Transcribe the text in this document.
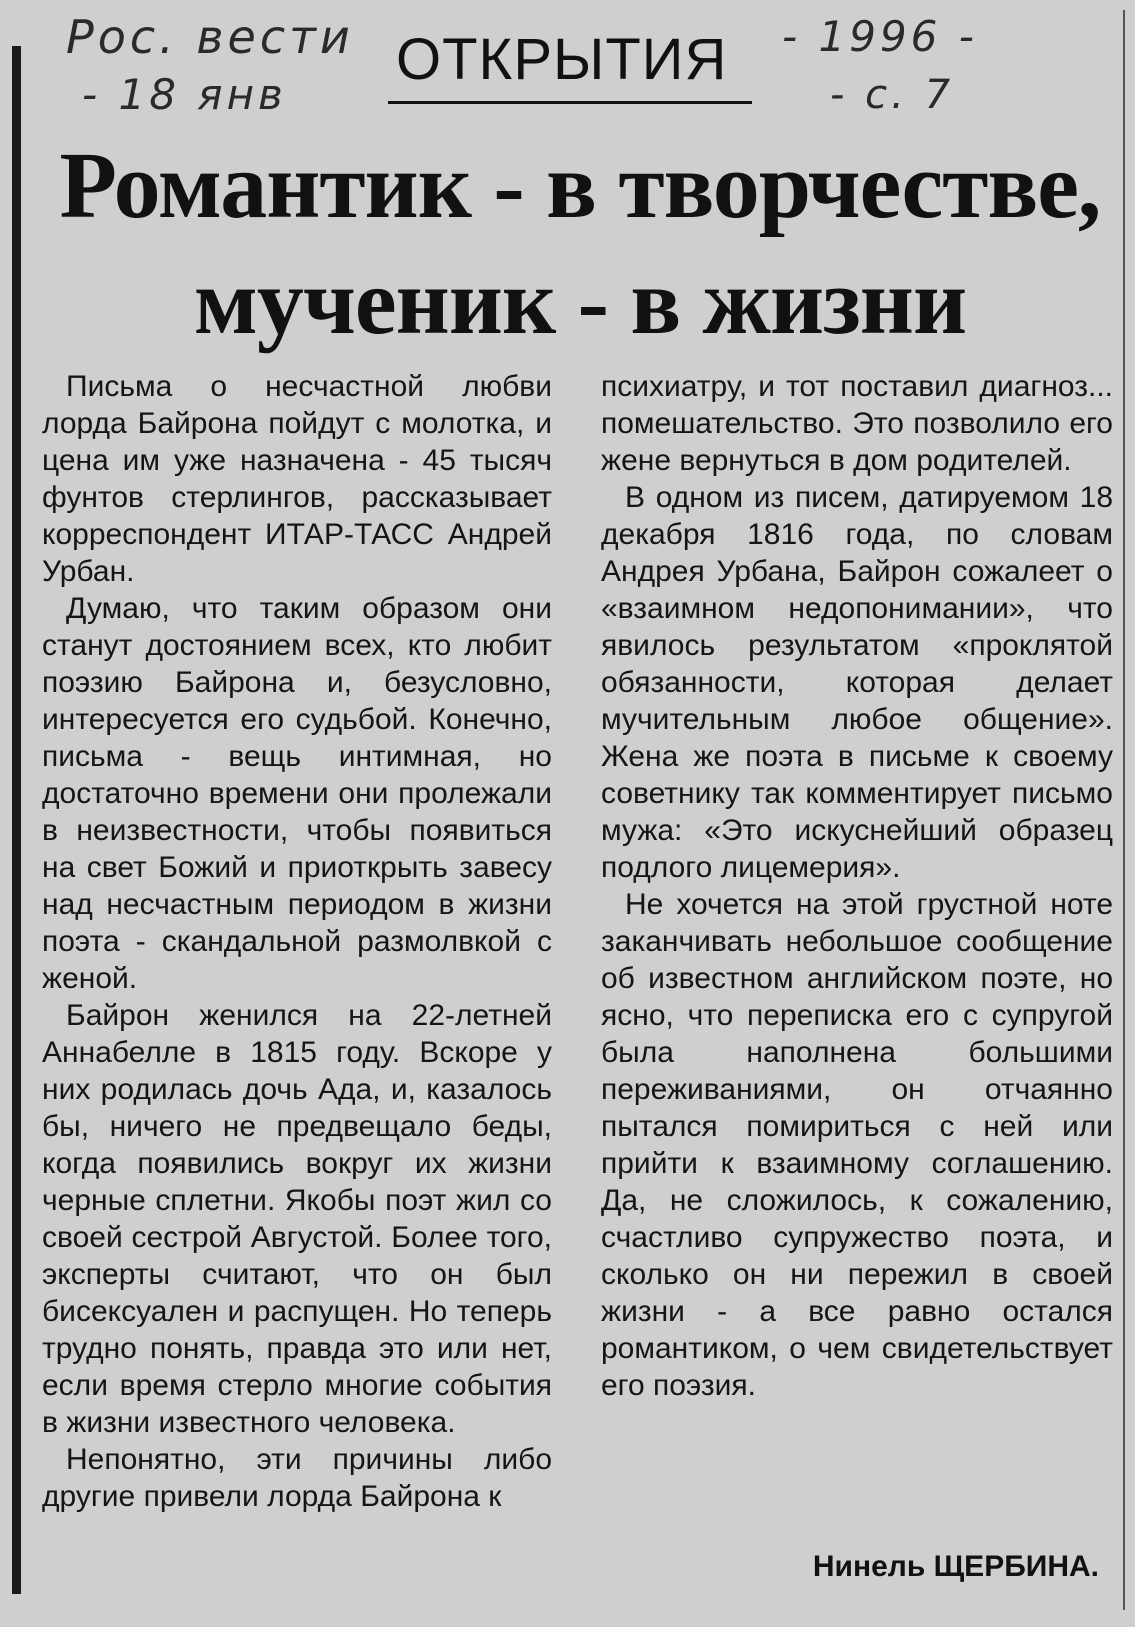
Рос. вести
- 18 янв
- 1996 -
- с. 7
ОТКРЫТИЯ
Романтик - в творчестве,
мученик - в жизни

Письма о несчастной любви лорда Байрона пойдут с молотка, и цена им уже назначена - 45 тысяч фунтов стерлингов, рассказывает корреспондент ИТАР-ТАСС Андрей Урбан.

Думаю, что таким образом они станут достоянием всех, кто любит поэзию Байрона и, безусловно, интересуется его судьбой. Конечно, письма - вещь интимная, но достаточно времени они пролежали в неизвестности, чтобы появиться на свет Божий и приоткрыть завесу над несчастным периодом в жизни поэта - скандальной размолвкой с женой.

Байрон женился на 22-летней Аннабелле в 1815 году. Вскоре у них родилась дочь Ада, и, казалось бы, ничего не предвещало беды, когда появились вокруг их жизни черные сплетни. Якобы поэт жил со своей сестрой Августой. Более того, эксперты считают, что он был бисексуален и распущен. Но теперь трудно понять, правда это или нет, если время стерло многие события в жизни известного человека.

Непонятно, эти причины либо другие привели лорда Байрона к

психиатру, и тот поставил диагноз... помешательство. Это позволило его жене вернуться в дом родителей.

В одном из писем, датируемом 18 декабря 1816 года, по словам Андрея Урбана, Байрон сожалеет о «взаимном недопонимании», что явилось результатом «проклятой обязанности, которая делает мучительным любое общение». Жена же поэта в письме к своему советнику так комментирует письмо мужа: «Это искуснейший образец подлого лицемерия».

Не хочется на этой грустной ноте заканчивать небольшое сообщение об известном английском поэте, но ясно, что переписка его с супругой была наполнена большими переживаниями, он отчаянно пытался помириться с ней или прийти к взаимному соглашению. Да, не сложилось, к сожалению, счастливо супружество поэта, и сколько он ни пережил в своей жизни - а все равно остался романтиком, о чем свидетельствует его поэзия.

Нинель ЩЕРБИНА.
